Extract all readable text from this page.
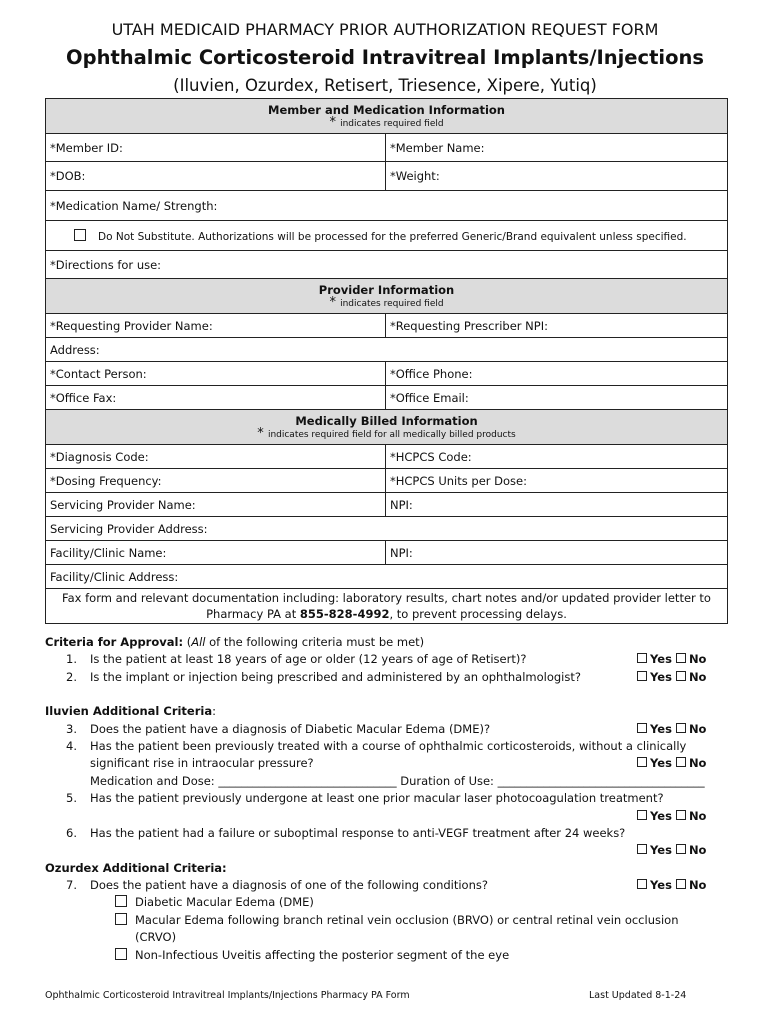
UTAH MEDICAID PHARMACY PRIOR AUTHORIZATION REQUEST FORM
Ophthalmic Corticosteroid Intravitreal Implants/Injections
(Iluvien, Ozurdex, Retisert, Triesence, Xipere, Yutiq)
Member and Medication Information
* indicates required field	

*Member ID:	*Member Name:
*DOB:	*Weight:
*Medication Name/ Strength:	
Do Not Substitute. Authorizations will be processed for the preferred Generic/Brand equivalent unless specified.	
*Directions for use:	
Provider Information
* indicates required field	

*Requesting Provider Name:	*Requesting Prescriber NPI:
Address:	
*Contact Person:	*Office Phone:
*Office Fax:	*Office Email:
Medically Billed Information
* indicates required field for all medically billed products	

*Diagnosis Code:	*HCPCS Code:
*Dosing Frequency:	*HCPCS Units per Dose:
Servicing Provider Name:	NPI:
Servicing Provider Address:	
Facility/Clinic Name:	NPI:
Facility/Clinic Address:	
Fax form and relevant documentation including: laboratory results, chart notes and/or updated provider letter to
Pharmacy PA at 855-828-4992, to prevent processing delays.	
Criteria for Approval: (All of the following criteria must be met)
1. Is the patient at least 18 years of age or older (12 years of age of Retisert)?	Yes No
2. Is the implant or injection being prescribed and administered by an ophthalmologist?	Yes No
Iluvien Additional Criteria:
3. Does the patient have a diagnosis of Diabetic Macular Edema (DME)?	Yes No
4. Has the patient been previously treated with a course of ophthalmic corticosteroids, without a clinically
significant rise in intraocular pressure?	Yes No
Medication and Dose: _______________________________ Duration of Use: ____________________________________
5. Has the patient previously undergone at least one prior macular laser photocoagulation treatment?
Yes No
6. Has the patient had a failure or suboptimal response to anti-VEGF treatment after 24 weeks?
Yes No
Ozurdex Additional Criteria:
7. Does the patient have a diagnosis of one of the following conditions?	Yes No
Diabetic Macular Edema (DME)
Macular Edema following branch retinal vein occlusion (BRVO) or central retinal vein occlusion
(CRVO)
Non-Infectious Uveitis affecting the posterior segment of the eye
Ophthalmic Corticosteroid Intravitreal Implants/Injections Pharmacy PA Form	Last Updated 8-1-24
